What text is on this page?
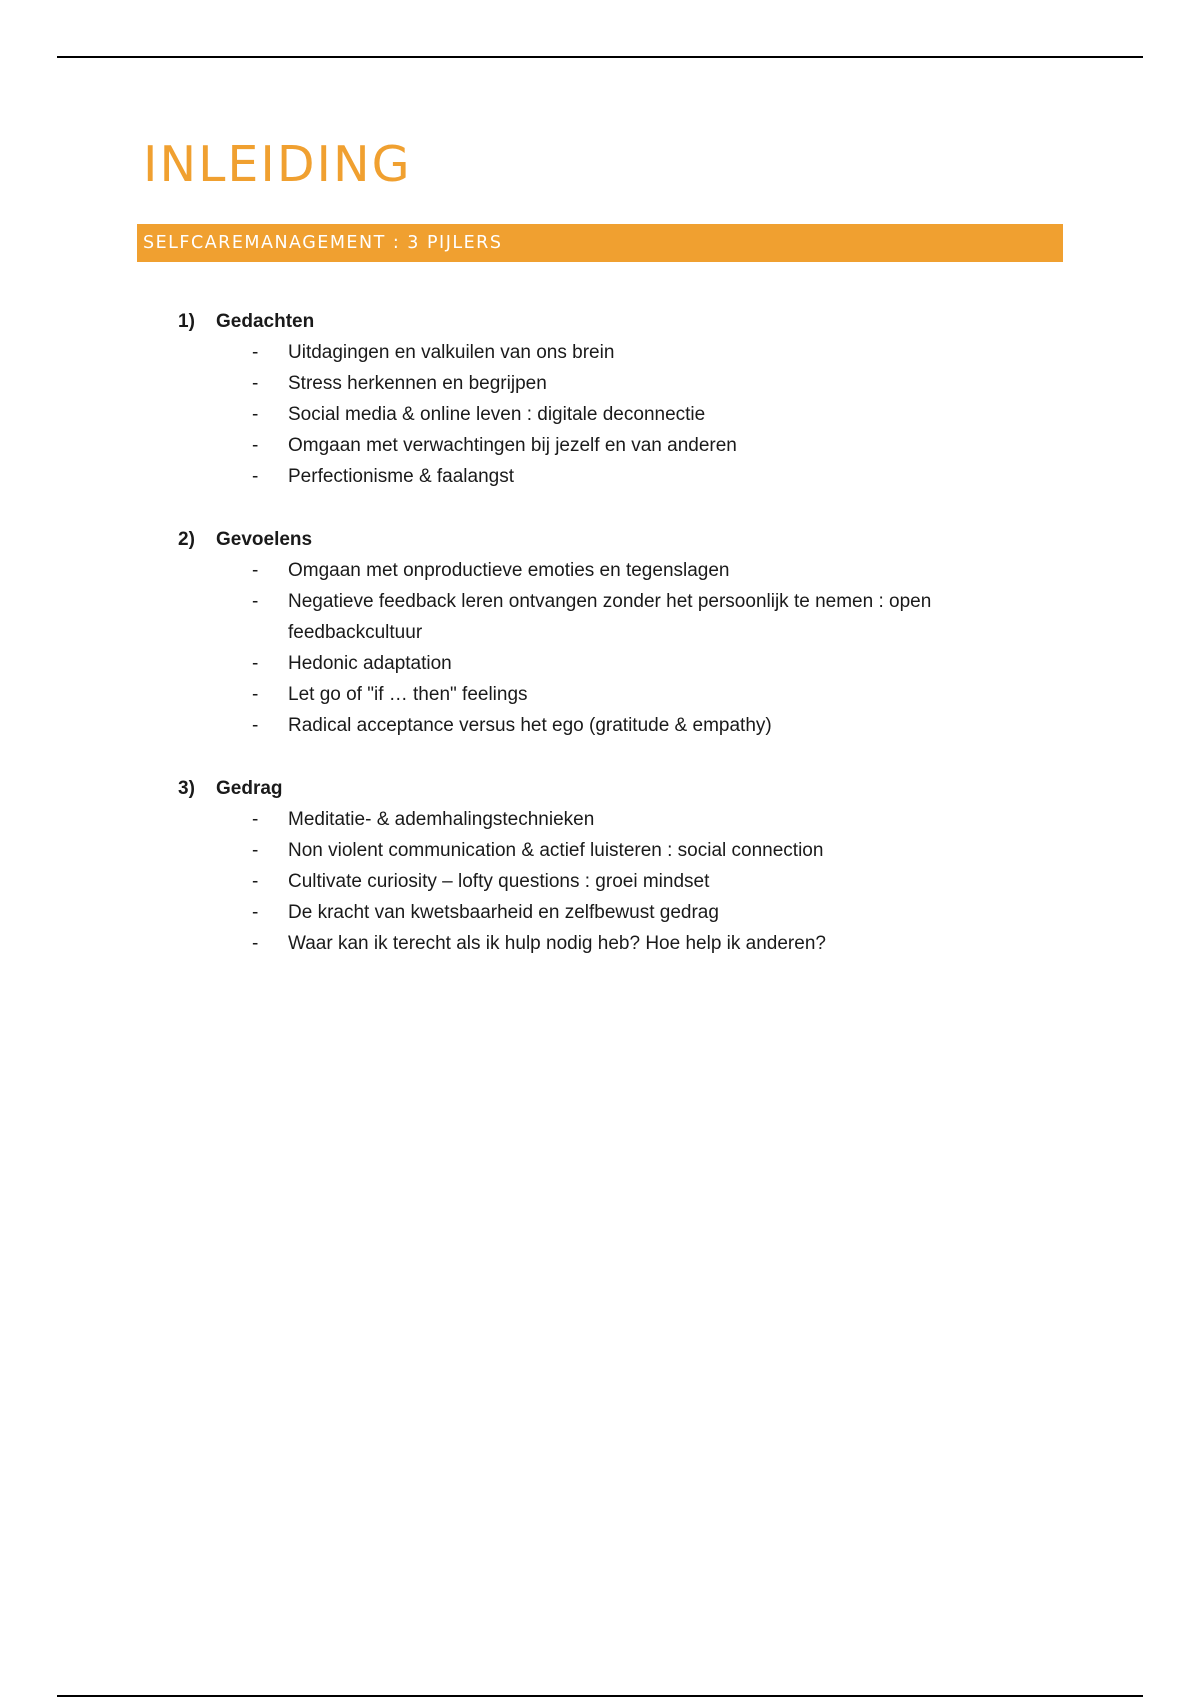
INLEIDING
SELFCAREMANAGEMENT : 3 PIJLERS
1)	Gedachten
-	Uitdagingen en valkuilen van ons brein
-	Stress herkennen en begrijpen
-	Social media & online leven : digitale deconnectie
-	Omgaan met verwachtingen bij jezelf en van anderen
-	Perfectionisme & faalangst
2)	Gevoelens
-	Omgaan met onproductieve emoties en tegenslagen
-	Negatieve feedback leren ontvangen zonder het persoonlijk te nemen : open feedbackcultuur
-	Hedonic adaptation
-	Let go of "if … then" feelings
-	Radical acceptance versus het ego (gratitude & empathy)
3)	Gedrag
-	Meditatie- & ademhalingstechnieken
-	Non violent communication & actief luisteren : social connection
-	Cultivate curiosity – lofty questions : groei mindset
-	De kracht van kwetsbaarheid en zelfbewust gedrag
-	Waar kan ik terecht als ik hulp nodig heb? Hoe help ik anderen?
